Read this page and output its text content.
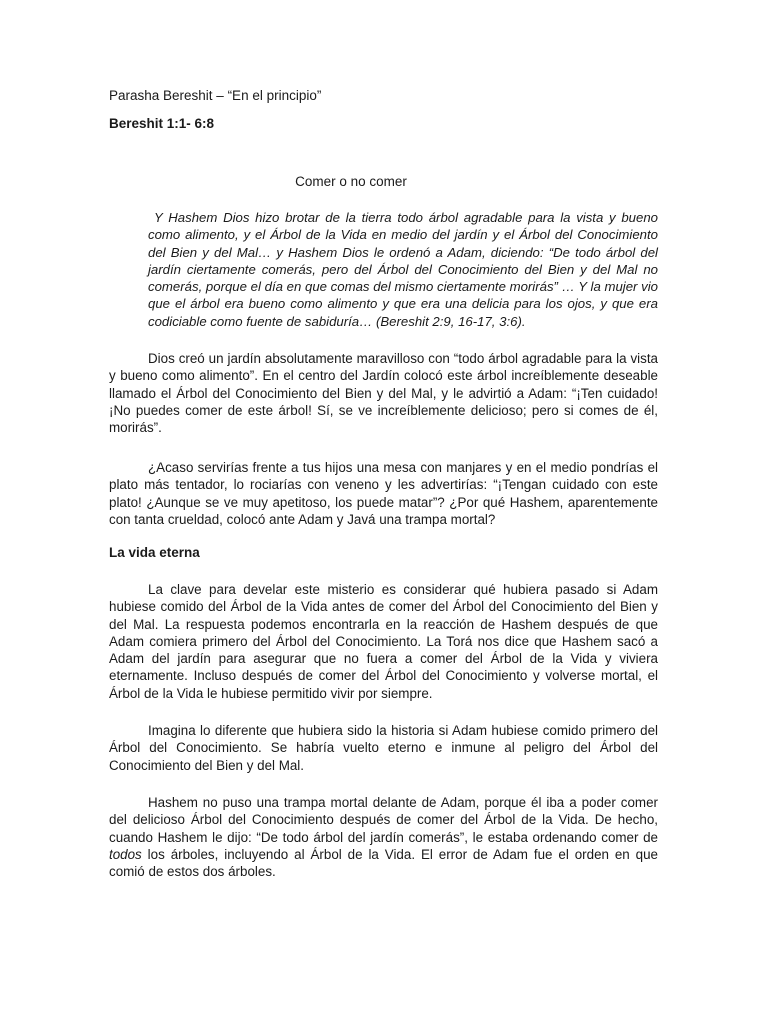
Parasha Bereshit – “En el principio”
Bereshit 1:1- 6:8
Comer o no comer

Y Hashem Dios hizo brotar de la tierra todo árbol agradable para la vista y bueno como alimento, y el Árbol de la Vida en medio del jardín y el Árbol del Conocimiento del Bien y del Mal… y Hashem Dios le ordenó a Adam, diciendo: “De todo árbol del jardín ciertamente comerás, pero del Árbol del Conocimiento del Bien y del Mal no comerás, porque el día en que comas del mismo ciertamente morirás” … Y la mujer vio que el árbol era bueno como alimento y que era una delicia para los ojos, y que era codiciable como fuente de sabiduría… (Bereshit 2:9, 16-17, 3:6).

Dios creó un jardín absolutamente maravilloso con “todo árbol agradable para la vista y bueno como alimento”. En el centro del Jardín colocó este árbol increíblemente deseable llamado el Árbol del Conocimiento del Bien y del Mal, y le advirtió a Adam: “¡Ten cuidado! ¡No puedes comer de este árbol! Sí, se ve increíblemente delicioso; pero si comes de él, morirás”.

¿Acaso servirías frente a tus hijos una mesa con manjares y en el medio pondrías el plato más tentador, lo rociarías con veneno y les advertirías: “¡Tengan cuidado con este plato! ¿Aunque se ve muy apetitoso, los puede matar”? ¿Por qué Hashem, aparentemente con tanta crueldad, colocó ante Adam y Javá una trampa mortal?

La vida eterna

La clave para develar este misterio es considerar qué hubiera pasado si Adam hubiese comido del Árbol de la Vida antes de comer del Árbol del Conocimiento del Bien y del Mal. La respuesta podemos encontrarla en la reacción de Hashem después de que Adam comiera primero del Árbol del Conocimiento. La Torá nos dice que Hashem sacó a Adam del jardín para asegurar que no fuera a comer del Árbol de la Vida y viviera eternamente. Incluso después de comer del Árbol del Conocimiento y volverse mortal, el Árbol de la Vida le hubiese permitido vivir por siempre.

Imagina lo diferente que hubiera sido la historia si Adam hubiese comido primero del Árbol del Conocimiento. Se habría vuelto eterno e inmune al peligro del Árbol del Conocimiento del Bien y del Mal.

Hashem no puso una trampa mortal delante de Adam, porque él iba a poder comer del delicioso Árbol del Conocimiento después de comer del Árbol de la Vida. De hecho, cuando Hashem le dijo: “De todo árbol del jardín comerás”, le estaba ordenando comer de todos los árboles, incluyendo al Árbol de la Vida. El error de Adam fue el orden en que comió de estos dos árboles.
